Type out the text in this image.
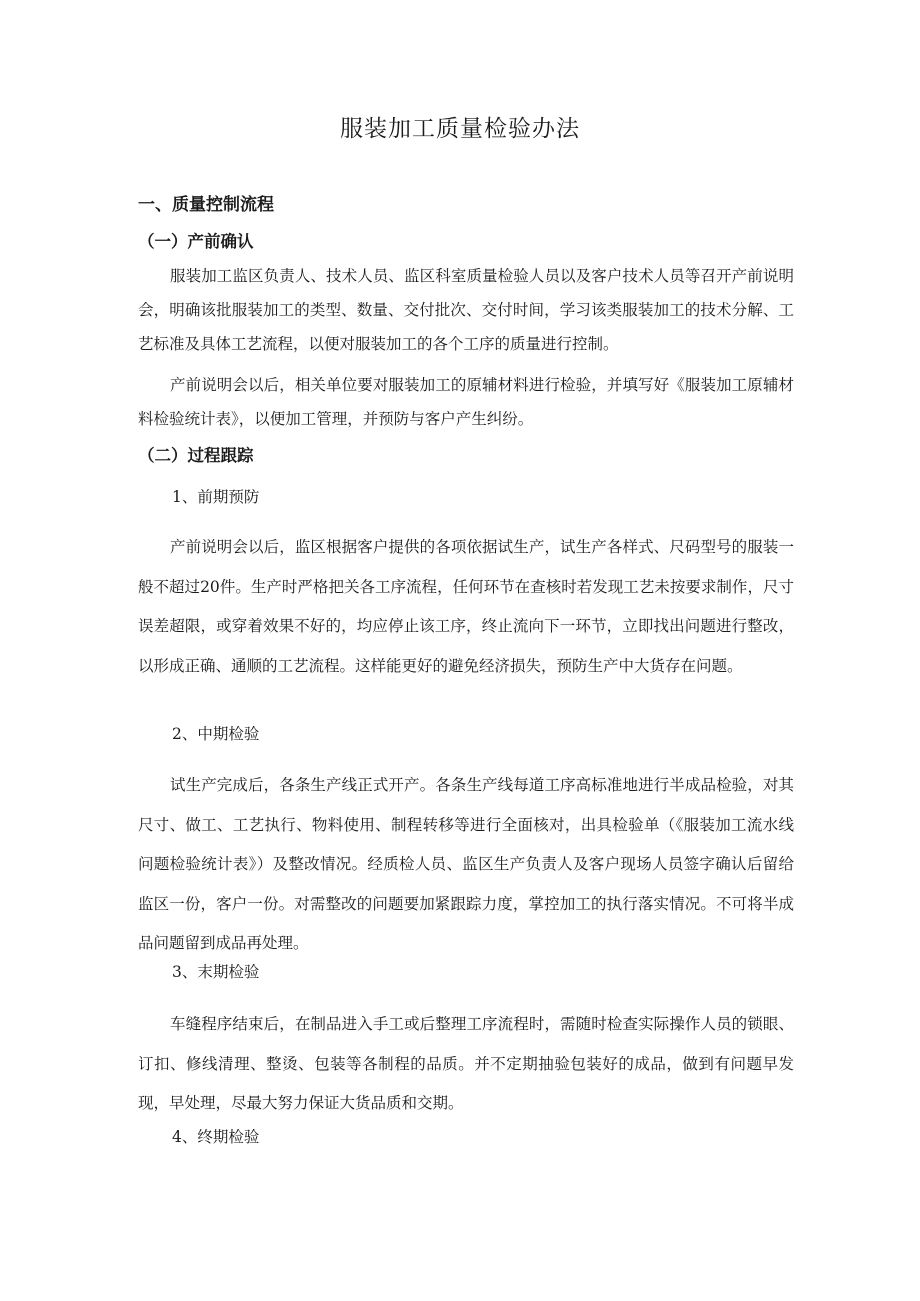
服装加工质量检验办法
一、质量控制流程
（一）产前确认

服装加工监区负责人、技术人员、监区科室质量检验人员以及客户技术人员等召开产前说明会，明确该批服装加工的类型、数量、交付批次、交付时间，学习该类服装加工的技术分解、工艺标准及具体工艺流程，以便对服装加工的各个工序的质量进行控制。

产前说明会以后，相关单位要对服装加工的原辅材料进行检验，并填写好《服装加工原辅材料检验统计表》，以便加工管理，并预防与客户产生纠纷。

（二）过程跟踪
1、前期预防

产前说明会以后，监区根据客户提供的各项依据试生产，试生产各样式、尺码型号的服装一般不超过20件。生产时严格把关各工序流程，任何环节在查核时若发现工艺未按要求制作，尺寸误差超限，或穿着效果不好的，均应停止该工序，终止流向下一环节，立即找出问题进行整改，以形成正确、通顺的工艺流程。这样能更好的避免经济损失，预防生产中大货存在问题。

2、中期检验

试生产完成后，各条生产线正式开产。各条生产线每道工序高标准地进行半成品检验，对其尺寸、做工、工艺执行、物料使用、制程转移等进行全面核对，出具检验单（《服装加工流水线问题检验统计表》）及整改情况。经质检人员、监区生产负责人及客户现场人员签字确认后留给监区一份，客户一份。对需整改的问题要加紧跟踪力度，掌控加工的执行落实情况。不可将半成品问题留到成品再处理。

3、末期检验

车缝程序结束后，在制品进入手工或后整理工序流程时，需随时检查实际操作人员的锁眼、订扣、修线清理、整烫、包装等各制程的品质。并不定期抽验包装好的成品，做到有问题早发现，早处理，尽最大努力保证大货品质和交期。

4、终期检验
